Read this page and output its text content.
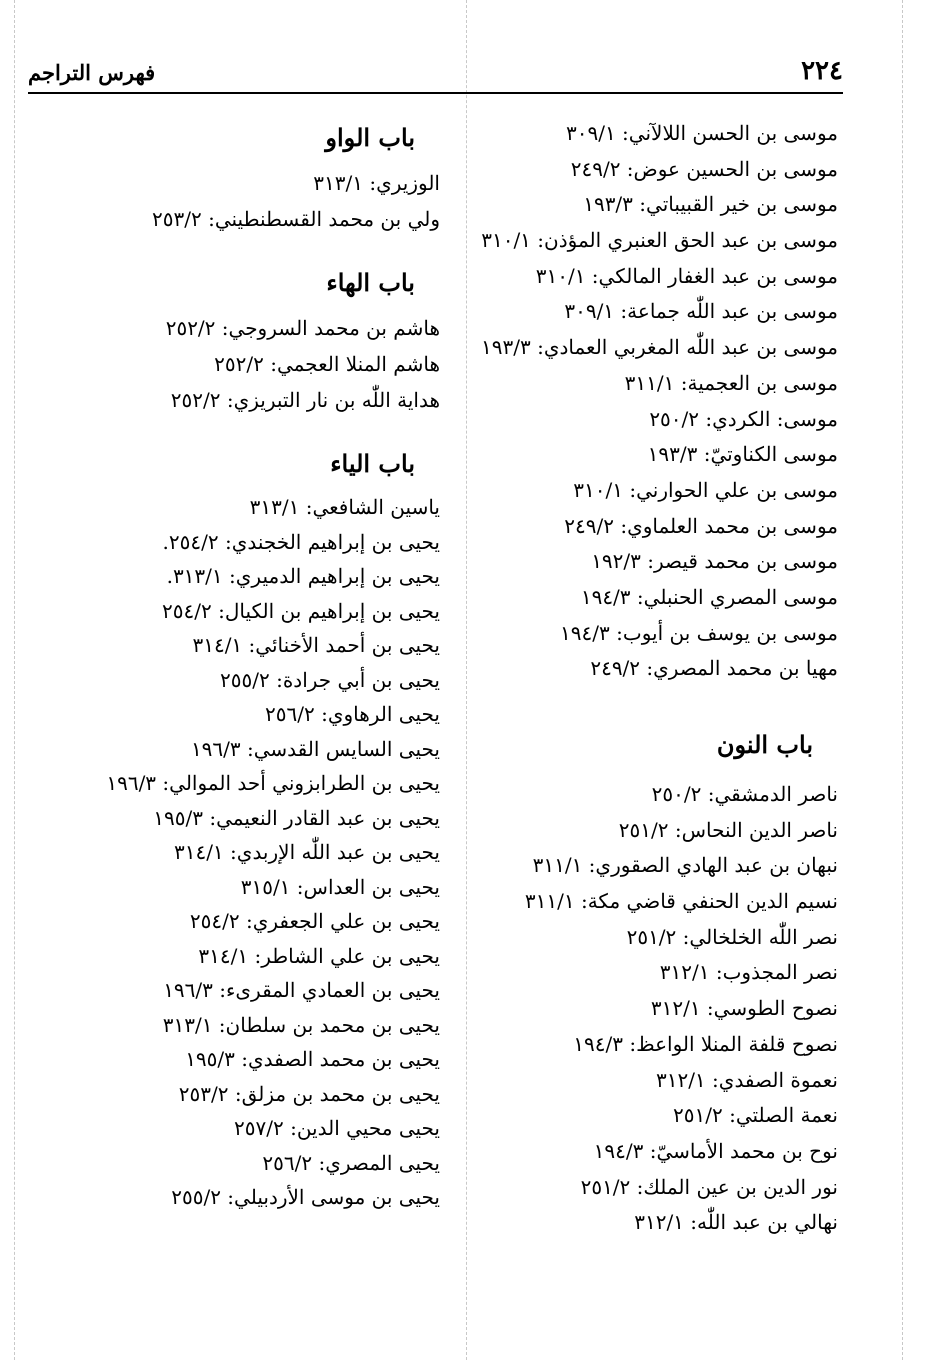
٢٢٤
فهرس التراجم
موسى بن الحسن اللالآني: ٣٠٩/١
موسى بن الحسين عوض: ٢٤٩/٢
موسى بن خير القبيباتي: ١٩٣/٣
موسى بن عبد الحق العنبري المؤذن: ٣١٠/١
موسى بن عبد الغفار المالكي: ٣١٠/١
موسى بن عبد اللّٰه جماعة: ٣٠٩/١
موسى بن عبد اللّٰه المغربي العمادي: ١٩٣/٣
موسى بن العجمية: ٣١١/١
موسى: الكردي: ٢٥٠/٢
موسى الكناوتيّ: ١٩٣/٣
موسى بن علي الحوارني: ٣١٠/١
موسى بن محمد العلماوي: ٢٤٩/٢
موسى بن محمد قيصر: ١٩٢/٣
موسى المصري الحنبلي: ١٩٤/٣
موسى بن يوسف بن أيوب: ١٩٤/٣
مهيا بن محمد المصري: ٢٤٩/٢
باب النون
ناصر الدمشقي: ٢٥٠/٢
ناصر الدين النحاس: ٢٥١/٢
نبهان بن عبد الهادي الصقوري: ٣١١/١
نسيم الدين الحنفي قاضي مكة: ٣١١/١
نصر اللّٰه الخلخالي: ٢٥١/٢
نصر المجذوب: ٣١٢/١
نصوح الطوسي: ٣١٢/١
نصوح قلفة المنلا الواعظ: ١٩٤/٣
نعموة الصفدي: ٣١٢/١
نعمة الصلتي: ٢٥١/٢
نوح بن محمد الأماسيّ: ١٩٤/٣
نور الدين بن عين الملك: ٢٥١/٢
نهالي بن عبد اللّٰه: ٣١٢/١
باب الواو
الوزيري: ٣١٣/١
ولي بن محمد القسطنطيني: ٢٥٣/٢
باب الهاء
هاشم بن محمد السروجي: ٢٥٢/٢
هاشم المنلا العجمي: ٢٥٢/٢
هداية اللّٰه بن نار التبريزي: ٢٥٢/٢
باب الياء
ياسين الشافعي: ٣١٣/١
يحيى بن إبراهيم الخجندي: ٢٥٤/٢.
يحيى بن إبراهيم الدميري: ٣١٣/١.
يحيى بن إبراهيم بن الكيال: ٢٥٤/٢
يحيى بن أحمد الأخنائي: ٣١٤/١
يحيى بن أبي جرادة: ٢٥٥/٢
يحيى الرهاوي: ٢٥٦/٢
يحيى السايس القدسي: ١٩٦/٣
يحيى بن الطرابزوني أحد الموالي: ١٩٦/٣
يحيى بن عبد القادر النعيمي: ١٩٥/٣
يحيى بن عبد اللّٰه الإربدي: ٣١٤/١
يحيى بن العداس: ٣١٥/١
يحيى بن علي الجعفري: ٢٥٤/٢
يحيى بن علي الشاطر: ٣١٤/١
يحيى بن العمادي المقرىء: ١٩٦/٣
يحيى بن محمد بن سلطان: ٣١٣/١
يحيى بن محمد الصفدي: ١٩٥/٣
يحيى بن محمد بن مزلق: ٢٥٣/٢
يحيى محيي الدين: ٢٥٧/٢
يحيى المصري: ٢٥٦/٢
يحيى بن موسى الأردبيلي: ٢٥٥/٢
